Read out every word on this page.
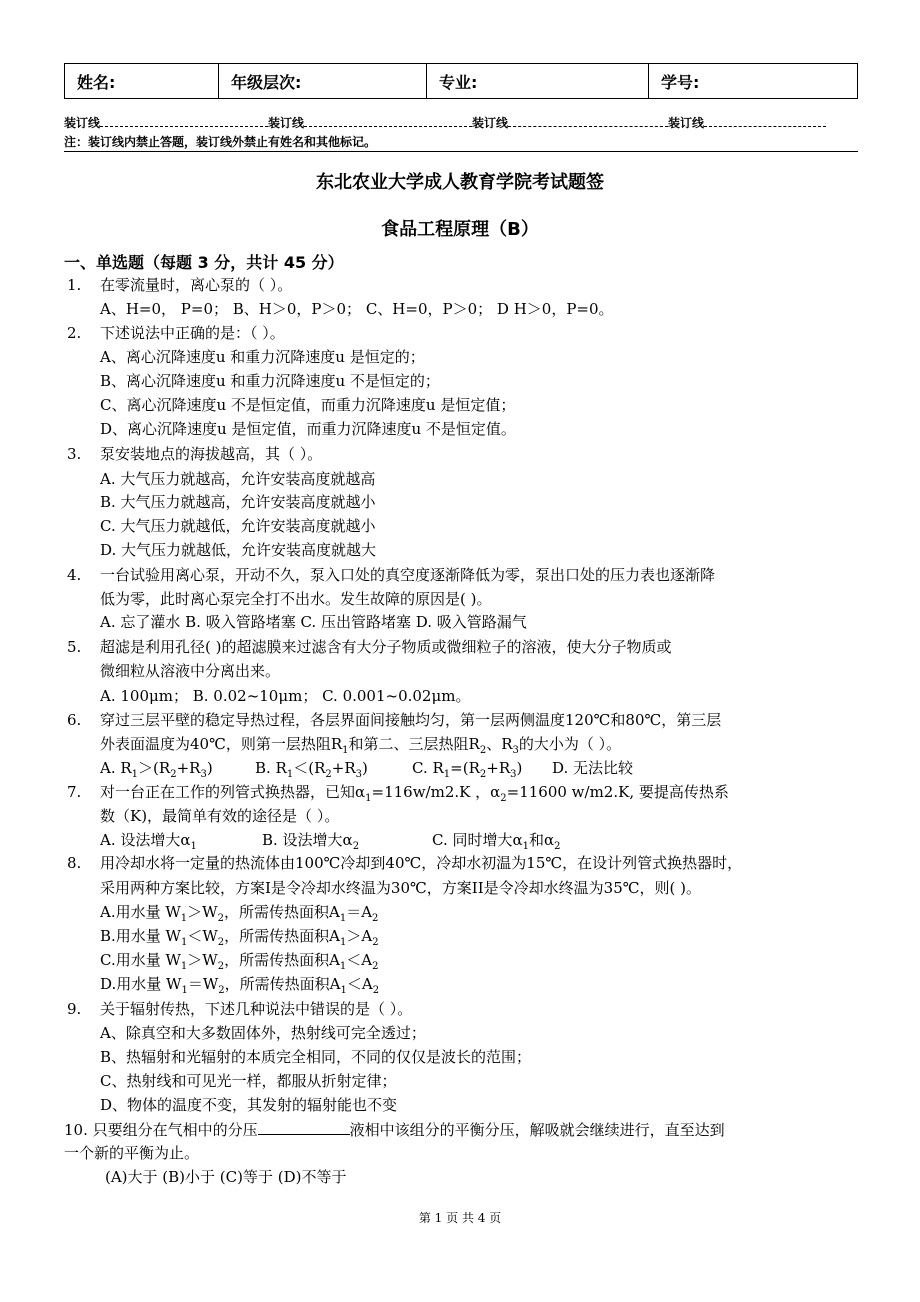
姓名:	年级层次:	专业:	学号:
装订线	装订线	装订线	装订线
注：装订线内禁止答题，装订线外禁止有姓名和其他标记。
东北农业大学成人教育学院考试题签
食品工程原理（B）
一、单选题（每题 3 分，共计 45 分）
1. 在零流量时，离心泵的（ ）。
A、H=0， P=0； B、H＞0，P＞0； C、H=0，P＞0； D H＞0，P=0。
2. 下述说法中正确的是：（ ）。
A、离心沉降速度u 和重力沉降速度u 是恒定的；
B、离心沉降速度u 和重力沉降速度u 不是恒定的；
C、离心沉降速度u 不是恒定值，而重力沉降速度u 是恒定值；
D、离心沉降速度u 是恒定值，而重力沉降速度u 不是恒定值。
3. 泵安装地点的海拔越高，其（ ）。
A. 大气压力就越高，允许安装高度就越高
B. 大气压力就越高，允许安装高度就越小
C. 大气压力就越低，允许安装高度就越小
D. 大气压力就越低，允许安装高度就越大
4. 一台试验用离心泵，开动不久，泵入口处的真空度逐渐降低为零，泵出口处的压力表也逐渐降
低为零，此时离心泵完全打不出水。发生故障的原因是( )。
A. 忘了灌水 B. 吸入管路堵塞 C. 压出管路堵塞 D. 吸入管路漏气
5. 超滤是利用孔径( )的超滤膜来过滤含有大分子物质或微细粒子的溶液，使大分子物质或
微细粒从溶液中分离出来。
A. 100μm； B. 0.02~10μm； C. 0.001~0.02μm。
6. 穿过三层平壁的稳定导热过程，各层界面间接触均匀，第一层两侧温度120℃和80℃，第三层
外表面温度为40℃，则第一层热阻$R_1$和第二、三层热阻$R_2$、$R_3$的大小为（ ）。
A. $R_1>(R_2+R_3)$	B. $R_1<(R_2+R_3)$	C. $R_1=(R_2+R_3)$ D. 无法比较
7. 对一台正在工作的列管式换热器，已知$\alpha_1=116w/m2.K$ ，$\alpha_2=11600$ w/m2.K, 要提高传热系
数（K)，最简单有效的途径是（ ）。
A. 设法增大$\alpha_1$	B. 设法增大$\alpha_2$	C. 同时增大$\alpha_1$和$\alpha_2$
8. 用冷却水将一定量的热流体由100℃冷却到40℃，冷却水初温为15℃，在设计列管式换热器时，
采用两种方案比较，方案I是令冷却水终温为30℃，方案II是令冷却水终温为35℃，则( )。
A.用水量 $W_1>W_2$，所需传热面积$A_1=A_2$
B.用水量 $W_1<W_2$，所需传热面积$A_1>A_2$
C.用水量 $W_1>W_2$，所需传热面积$A_1<A_2$
D.用水量 $W_1=W_2$，所需传热面积$A_1<A_2$
9. 关于辐射传热，下述几种说法中错误的是（ ）。
A、除真空和大多数固体外，热射线可完全透过；
B、热辐射和光辐射的本质完全相同，不同的仅仅是波长的范围；
C、热射线和可见光一样，都服从折射定律；
D、物体的温度不变，其发射的辐射能也不变
10. 只要组分在气相中的分压	液相中该组分的平衡分压，解吸就会继续进行，直至达到
一个新的平衡为止。
(A)大于 (B)小于 (C)等于 (D)不等于
第 1 页 共 4 页
